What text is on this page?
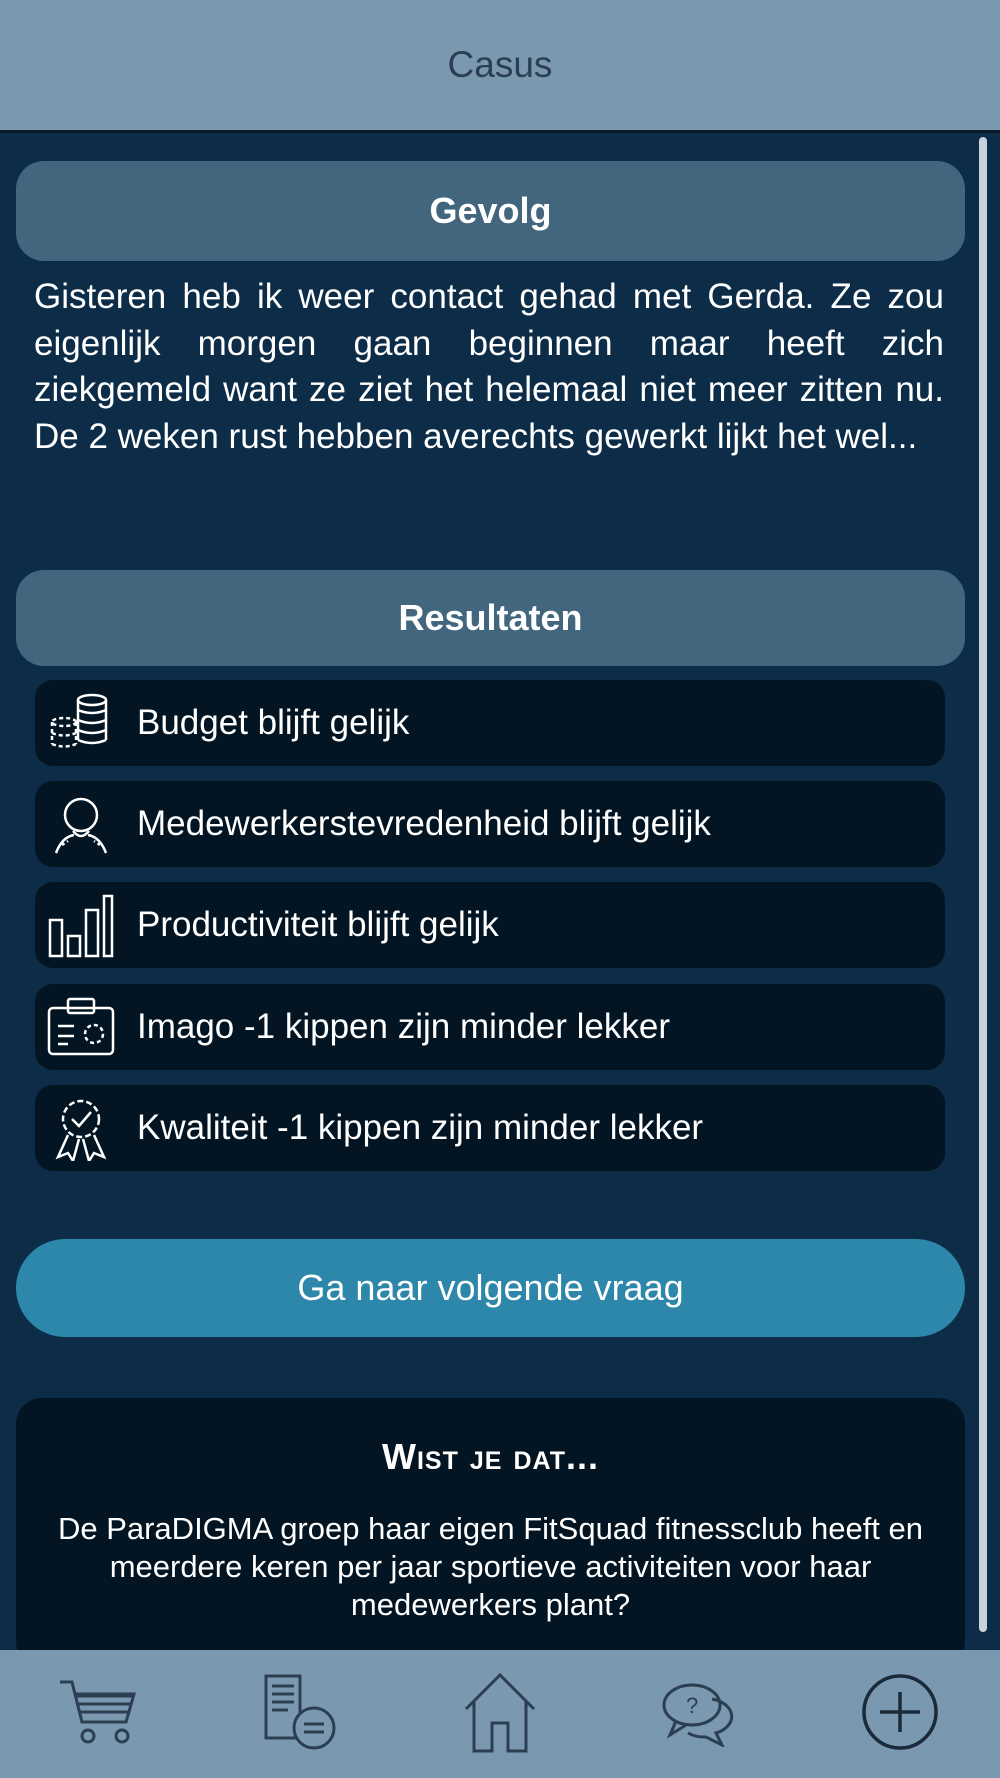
Casus
Gevolg
Gisteren heb ik weer contact gehad met Gerda. Ze zou eigenlijk morgen gaan beginnen maar heeft zich ziekgemeld want ze ziet het helemaal niet meer zitten nu. De 2 weken rust hebben averechts gewerkt lijkt het wel...
Resultaten
Budget blijft gelijk
Medewerkerstevredenheid blijft gelijk
Productiviteit blijft gelijk
Imago -1 kippen zijn minder lekker
Kwaliteit -1 kippen zijn minder lekker
Ga naar volgende vraag
Wist je dat...
De ParaDIGMA groep haar eigen FitSquad fitnessclub heeft en meerdere keren per jaar sportieve activiteiten voor haar medewerkers plant?
?
